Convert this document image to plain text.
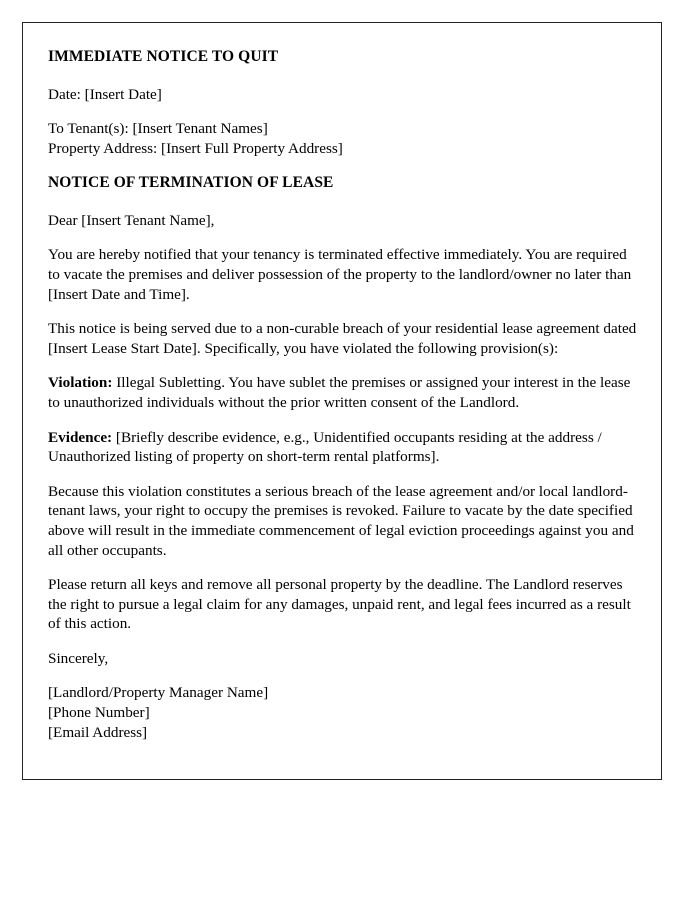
IMMEDIATE NOTICE TO QUIT
Date: [Insert Date]
To Tenant(s): [Insert Tenant Names]
Property Address: [Insert Full Property Address]
NOTICE OF TERMINATION OF LEASE
Dear [Insert Tenant Name],
You are hereby notified that your tenancy is terminated effective immediately. You are required to vacate the premises and deliver possession of the property to the landlord/owner no later than [Insert Date and Time].
This notice is being served due to a non-curable breach of your residential lease agreement dated [Insert Lease Start Date]. Specifically, you have violated the following provision(s):
Violation: Illegal Subletting. You have sublet the premises or assigned your interest in the lease to unauthorized individuals without the prior written consent of the Landlord.
Evidence: [Briefly describe evidence, e.g., Unidentified occupants residing at the address / Unauthorized listing of property on short-term rental platforms].
Because this violation constitutes a serious breach of the lease agreement and/or local landlord-tenant laws, your right to occupy the premises is revoked. Failure to vacate by the date specified above will result in the immediate commencement of legal eviction proceedings against you and all other occupants.
Please return all keys and remove all personal property by the deadline. The Landlord reserves the right to pursue a legal claim for any damages, unpaid rent, and legal fees incurred as a result of this action.
Sincerely,
[Landlord/Property Manager Name]
[Phone Number]
[Email Address]
